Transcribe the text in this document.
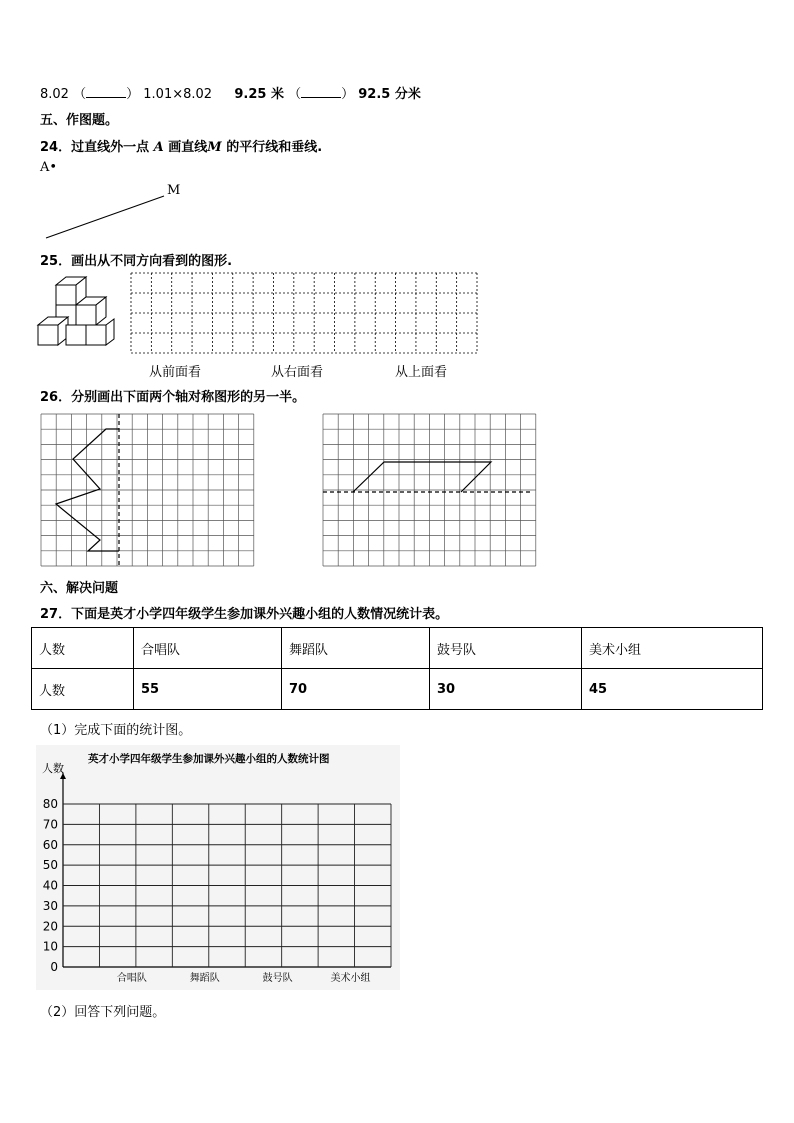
8.02 （	） 1.01×8.02 9.25 米 （	） 92.5 分米
五、作图题。
24．过直线外一点 A 画直线M 的平行线和垂线.
A•
M
25．画出从不同方向看到的图形.
从前面看	从右面看	从上面看
26．分别画出下面两个轴对称图形的另一半。
六、解决问题
27．下面是英才小学四年级学生参加课外兴趣小组的人数情况统计表。
人数	合唱队	舞蹈队	鼓号队	美术小组
人数	55	70	30	45
（1）完成下面的统计图。
英才小学四年级学生参加课外兴趣小组的人数统计图
人数
0
10
20
30
40
50
60
70
80
合唱队	舞蹈队	鼓号队	美术小组
（2）回答下列问题。
